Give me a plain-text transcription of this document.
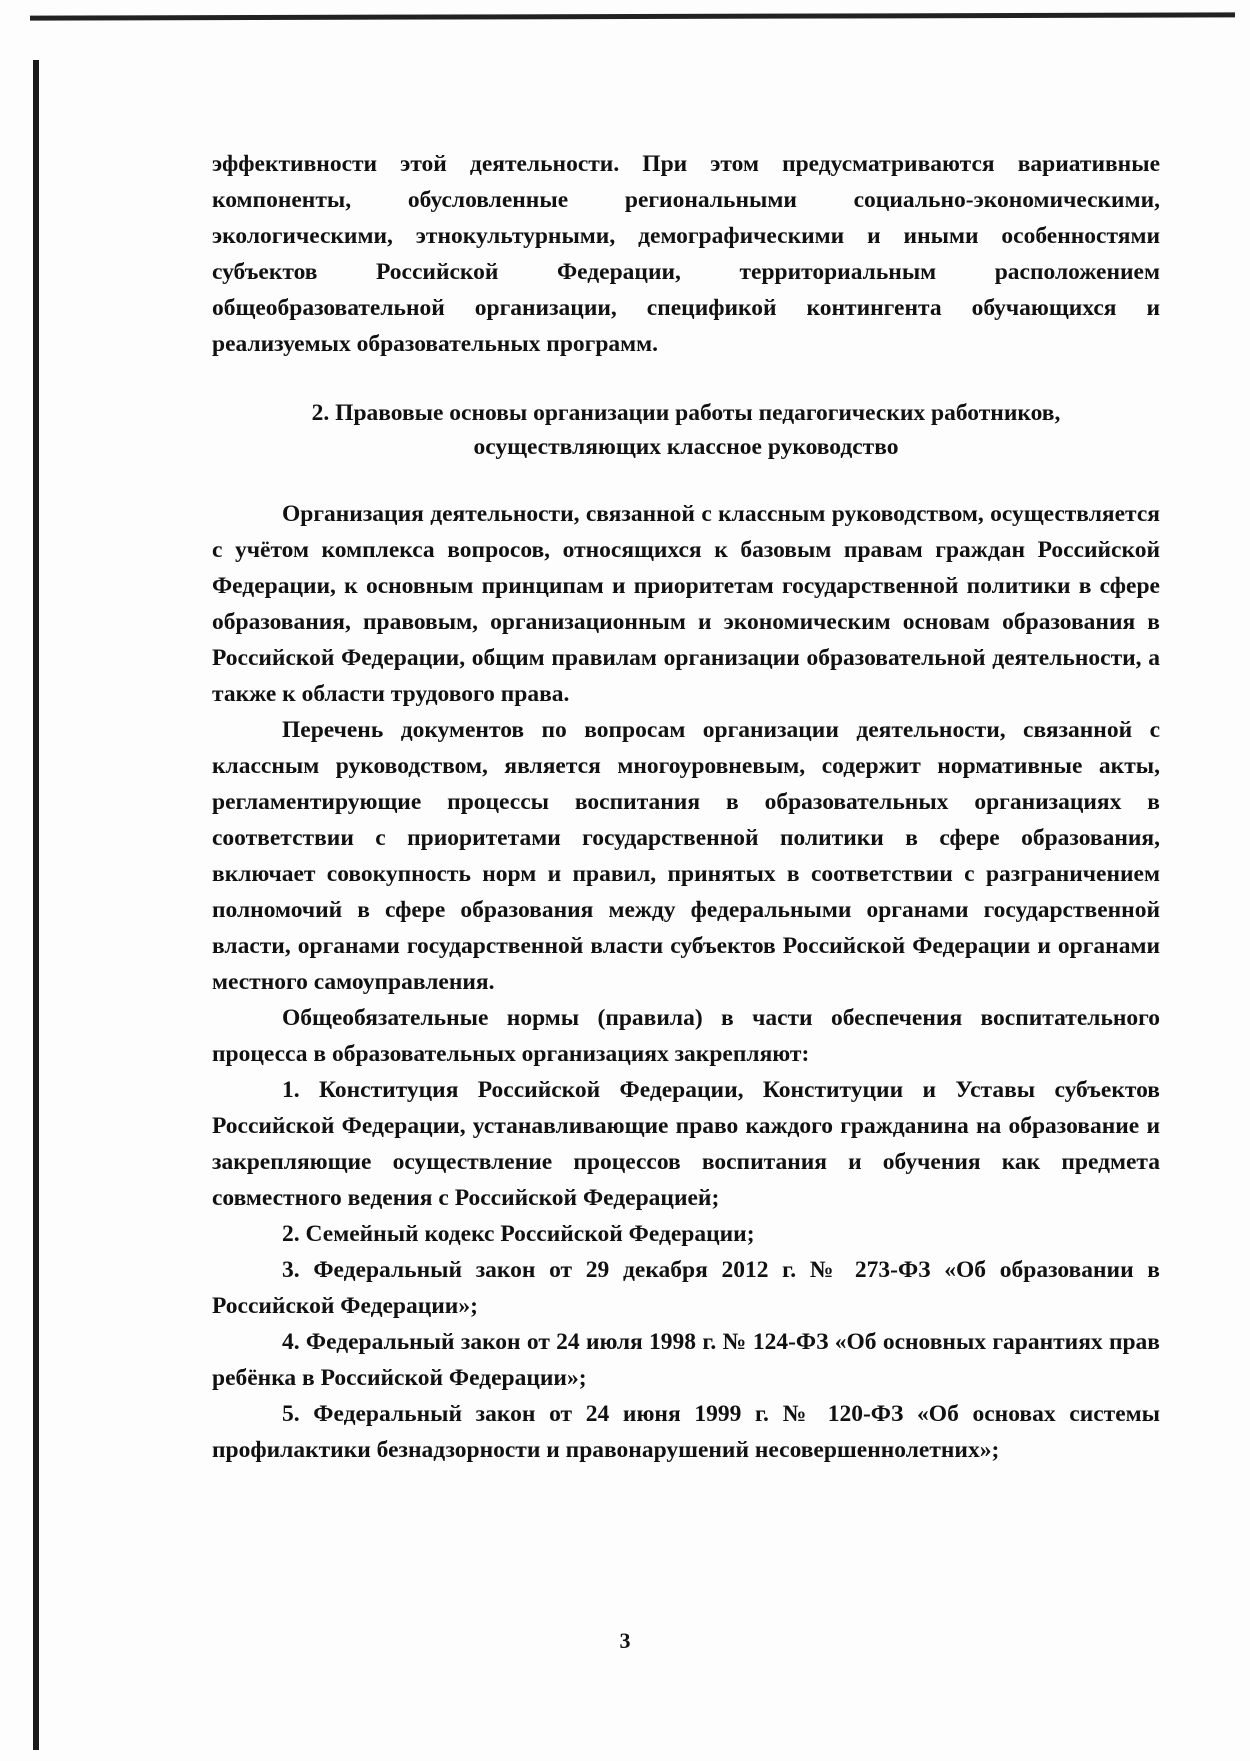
эффективности этой деятельности. При этом предусматриваются вариативные компоненты, обусловленные региональными социально-экономическими, экологическими, этнокультурными, демографическими и иными особенностями субъектов Российской Федерации, территориальным расположением общеобразовательной организации, спецификой контингента обучающихся и реализуемых образовательных программ.

2. Правовые основы организации работы педагогических работников,
осуществляющих классное руководство

Организация деятельности, связанной с классным руководством, осуществляется с учётом комплекса вопросов, относящихся к базовым правам граждан Российской Федерации, к основным принципам и приоритетам государственной политики в сфере образования, правовым, организационным и экономическим основам образования в Российской Федерации, общим правилам организации образовательной деятельности, а также к области трудового права.

Перечень документов по вопросам организации деятельности, связанной с классным руководством, является многоуровневым, содержит нормативные акты, регламентирующие процессы воспитания в образовательных организациях в соответствии с приоритетами государственной политики в сфере образования, включает совокупность норм и правил, принятых в соответствии с разграничением полномочий в сфере образования между федеральными органами государственной власти, органами государственной власти субъектов Российской Федерации и органами местного самоуправления.

Общеобязательные нормы (правила) в части обеспечения воспитательного процесса в образовательных организациях закрепляют:

1. Конституция Российской Федерации, Конституции и Уставы субъектов Российской Федерации, устанавливающие право каждого гражданина на образование и закрепляющие осуществление процессов воспитания и обучения как предмета совместного ведения с Российской Федерацией;

2. Семейный кодекс Российской Федерации;

3. Федеральный закон от 29 декабря 2012 г. № 273-ФЗ «Об образовании в Российской Федерации»;

4. Федеральный закон от 24 июля 1998 г. № 124-ФЗ «Об основных гарантиях прав ребёнка в Российской Федерации»;

5. Федеральный закон от 24 июня 1999 г. № 120-ФЗ «Об основах системы профилактики безнадзорности и правонарушений несовершеннолетних»;

3
